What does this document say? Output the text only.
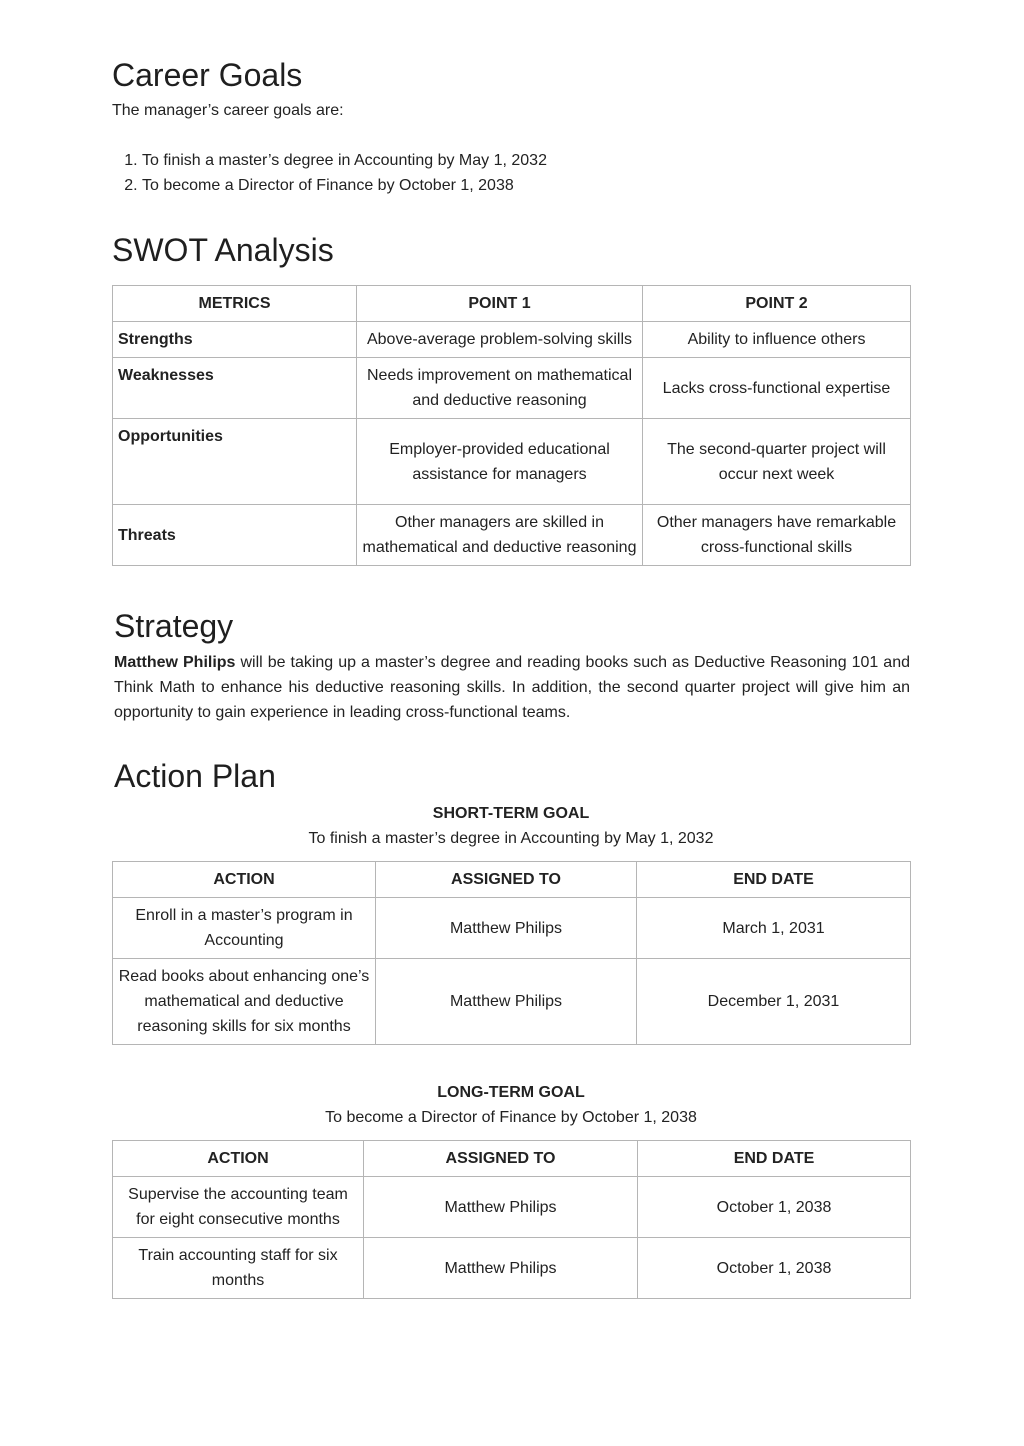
Career Goals

The manager’s career goals are:

1. To finish a master’s degree in Accounting by May 1, 2032
2. To become a Director of Finance by October 1, 2038
SWOT Analysis
METRICS	POINT 1	POINT 2
Strengths	Above-average problem-solving skills	Ability to influence others
Weaknesses	Needs improvement on mathematical and deductive reasoning	Lacks cross-functional expertise
Opportunities	Employer-provided educational assistance for managers	The second-quarter project will occur next week
Threats	Other managers are skilled in mathematical and deductive reasoning	Other managers have remarkable cross-functional skills
Strategy

Matthew Philips will be taking up a master’s degree and reading books such as Deductive Reasoning 101 and Think Math to enhance his deductive reasoning skills. In addition, the second quarter project will give him an opportunity to gain experience in leading cross-functional teams.

Action Plan
SHORT-TERM GOAL
To finish a master’s degree in Accounting by May 1, 2032
ACTION	ASSIGNED TO	END DATE
Enroll in a master’s program in Accounting	Matthew Philips	March 1, 2031
Read books about enhancing one’s mathematical and deductive reasoning skills for six months	Matthew Philips	December 1, 2031
LONG-TERM GOAL
To become a Director of Finance by October 1, 2038
ACTION	ASSIGNED TO	END DATE
Supervise the accounting team for eight consecutive months	Matthew Philips	October 1, 2038
Train accounting staff for six months	Matthew Philips	October 1, 2038
